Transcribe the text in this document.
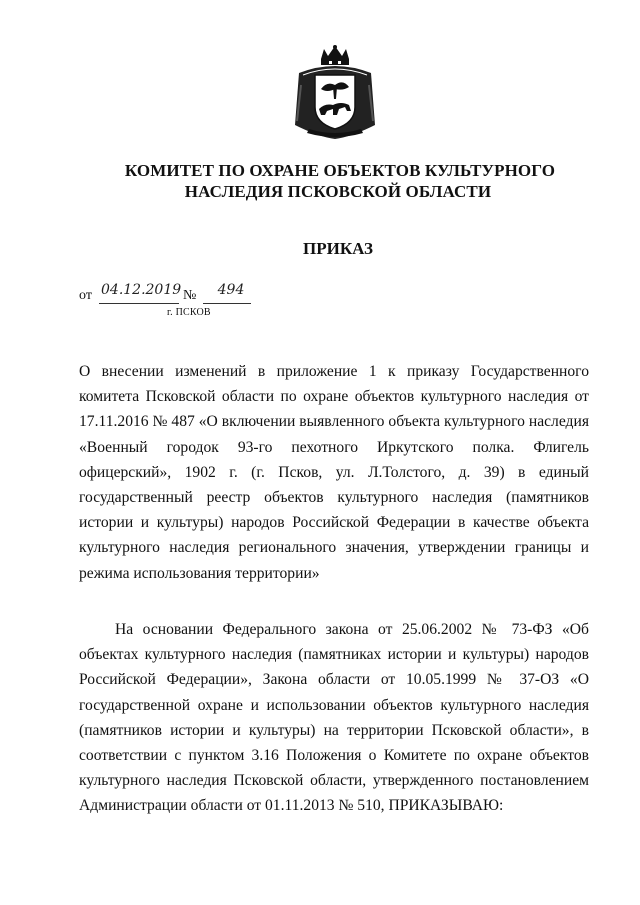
КОМИТЕТ ПО ОХРАНЕ ОБЪЕКТОВ КУЛЬТУРНОГО
НАСЛЕДИЯ ПСКОВСКОЙ ОБЛАСТИ
ПРИКАЗ
от 04.12.2019 №	494
г. ПСКОВ
О внесении изменений в приложение 1 к приказу Государственного комитета Псковской области по охране объектов культурного наследия от 17.11.2016 № 487 «О включении выявленного объекта культурного наследия «Военный городок 93-го пехотного Иркутского полка. Флигель офицерский», 1902 г. (г. Псков, ул. Л.Толстого, д. 39) в единый государственный реестр объектов культурного наследия (памятников истории и культуры) народов Российской Федерации в качестве объекта культурного наследия регионального значения, утверждении границы и режима использования территории»
На основании Федерального закона от 25.06.2002 № 73-ФЗ «Об объектах культурного наследия (памятниках истории и культуры) народов Российской Федерации», Закона области от 10.05.1999 № 37-ОЗ «О государственной охране и использовании объектов культурного наследия (памятников истории и культуры) на территории Псковской области», в соответствии с пунктом 3.16 Положения о Комитете по охране объектов культурного наследия Псковской области, утвержденного постановлением Администрации области от 01.11.2013 № 510, ПРИКАЗЫВАЮ:
